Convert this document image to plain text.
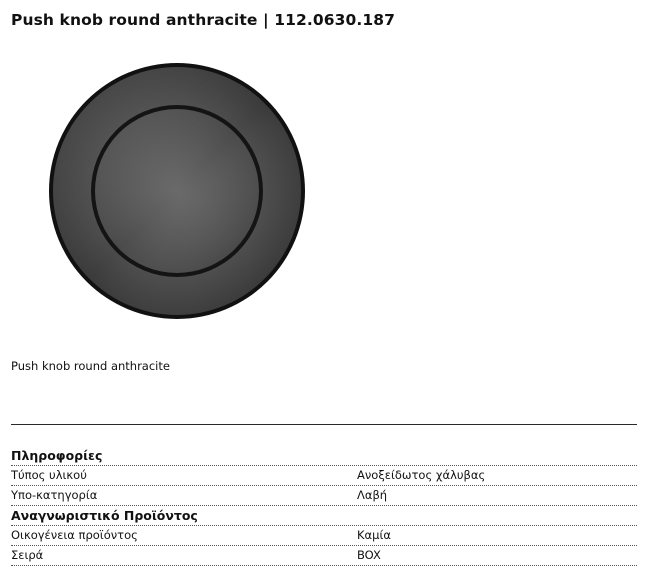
Push knob round anthracite | 112.0630.187
Push knob round anthracite
Πληροφορίες
Τύπος υλικού	Ανοξείδωτος χάλυβας
Υπο-κατηγορία	Λαβή
Αναγνωριστικό Προϊόντος
Οικογένεια προϊόντος	Καμία
Σειρά	BOX
